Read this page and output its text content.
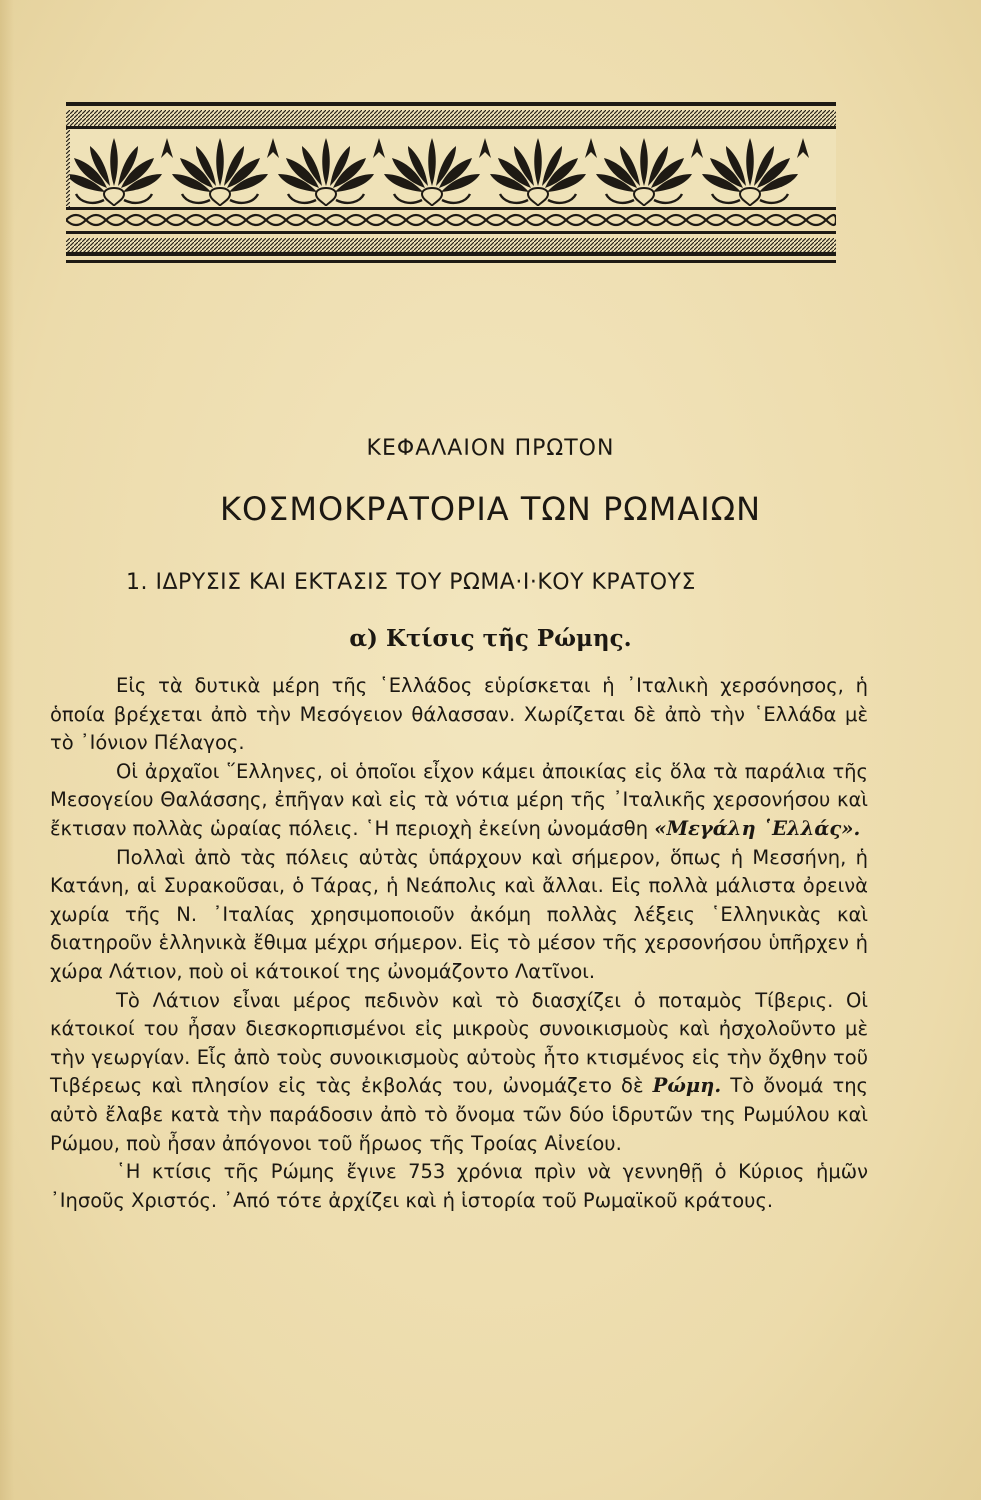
ΚΕΦΑΛΑΙΟΝ ΠΡΩΤΟΝ
ΚΟΣΜΟΚΡΑΤΟΡΙΑ ΤΩΝ ΡΩΜΑΙΩΝ
1. ΙΔΡΥΣΙΣ ΚΑΙ ΕΚΤΑΣΙΣ ΤΟΥ ΡΩΜΑ·Ι·ΚΟΥ ΚΡΑΤΟΥΣ
α) Κτίσις τῆς Ρώμης.

Εἰς τὰ δυτικὰ μέρη τῆς ῾Ελλάδος εὑρίσκεται ἡ ᾿Ιταλικὴ χερσόνησος, ἡ ὁποία βρέχεται ἀπὸ τὴν Μεσόγειον θάλασσαν. Χωρίζεται δὲ ἀπὸ τὴν ῾Ελλάδα μὲ τὸ ᾿Ιόνιον Πέλαγος.

Οἱ ἀρχαῖοι ῞Ελληνες, οἱ ὁποῖοι εἶχον κάμει ἀποικίας εἰς ὅλα τὰ παράλια τῆς Μεσογείου Θαλάσσης, ἐπῆγαν καὶ εἰς τὰ νότια μέρη τῆς ᾿Ιταλικῆς χερσονήσου καὶ ἔκτισαν πολλὰς ὡραίας πόλεις. ῾Η περιοχὴ ἐκείνη ὠνομάσθη «Μεγάλη ῾Ελλάς».

Πολλαὶ ἀπὸ τὰς πόλεις αὐτὰς ὑπάρχουν καὶ σήμερον, ὅπως ἡ Μεσσήνη, ἡ Κατάνη, αἱ Συρακοῦσαι, ὁ Τάρας, ἡ Νεάπολις καὶ ἄλλαι. Εἰς πολλὰ μάλιστα ὀρεινὰ χωρία τῆς Ν. ᾿Ιταλίας χρησιμοποιοῦν ἀκόμη πολλὰς λέξεις ῾Ελληνικὰς καὶ διατηροῦν ἑλληνικὰ ἔθιμα μέχρι σήμερον. Εἰς τὸ μέσον τῆς χερσονήσου ὑπῆρχεν ἡ χώρα Λάτιον, ποὺ οἱ κάτοικοί της ὠνομάζοντο Λατῖνοι.

Τὸ Λάτιον εἶναι μέρος πεδινὸν καὶ τὸ διασχίζει ὁ ποταμὸς Τίβερις. Οἱ κάτοικοί του ἦσαν διεσκορπισμένοι εἰς μικροὺς συνοικισμοὺς καὶ ἠσχολοῦντο μὲ τὴν γεωργίαν. Εἷς ἀπὸ τοὺς συνοικισμοὺς αὐτοὺς ἦτο κτισμένος εἰς τὴν ὄχθην τοῦ Τιβέρεως καὶ πλησίον εἰς τὰς ἐκβολάς του, ὠνομάζετο δὲ Ρώμη. Τὸ ὄνομά της αὐτὸ ἔλαβε κατὰ τὴν παράδοσιν ἀπὸ τὸ ὄνομα τῶν δύο ἱδρυτῶν της Ρωμύλου καὶ Ρώμου, ποὺ ἦσαν ἀπόγονοι τοῦ ἥρωος τῆς Τροίας Αἰνείου.

῾Η κτίσις τῆς Ρώμης ἔγινε 753 χρόνια πρὶν νὰ γεννηθῇ ὁ Κύριος ἡμῶν ᾿Ιησοῦς Χριστός. ᾿Από τότε ἀρχίζει καὶ ἡ ἱστορία τοῦ Ρωμαϊκοῦ κράτους.
